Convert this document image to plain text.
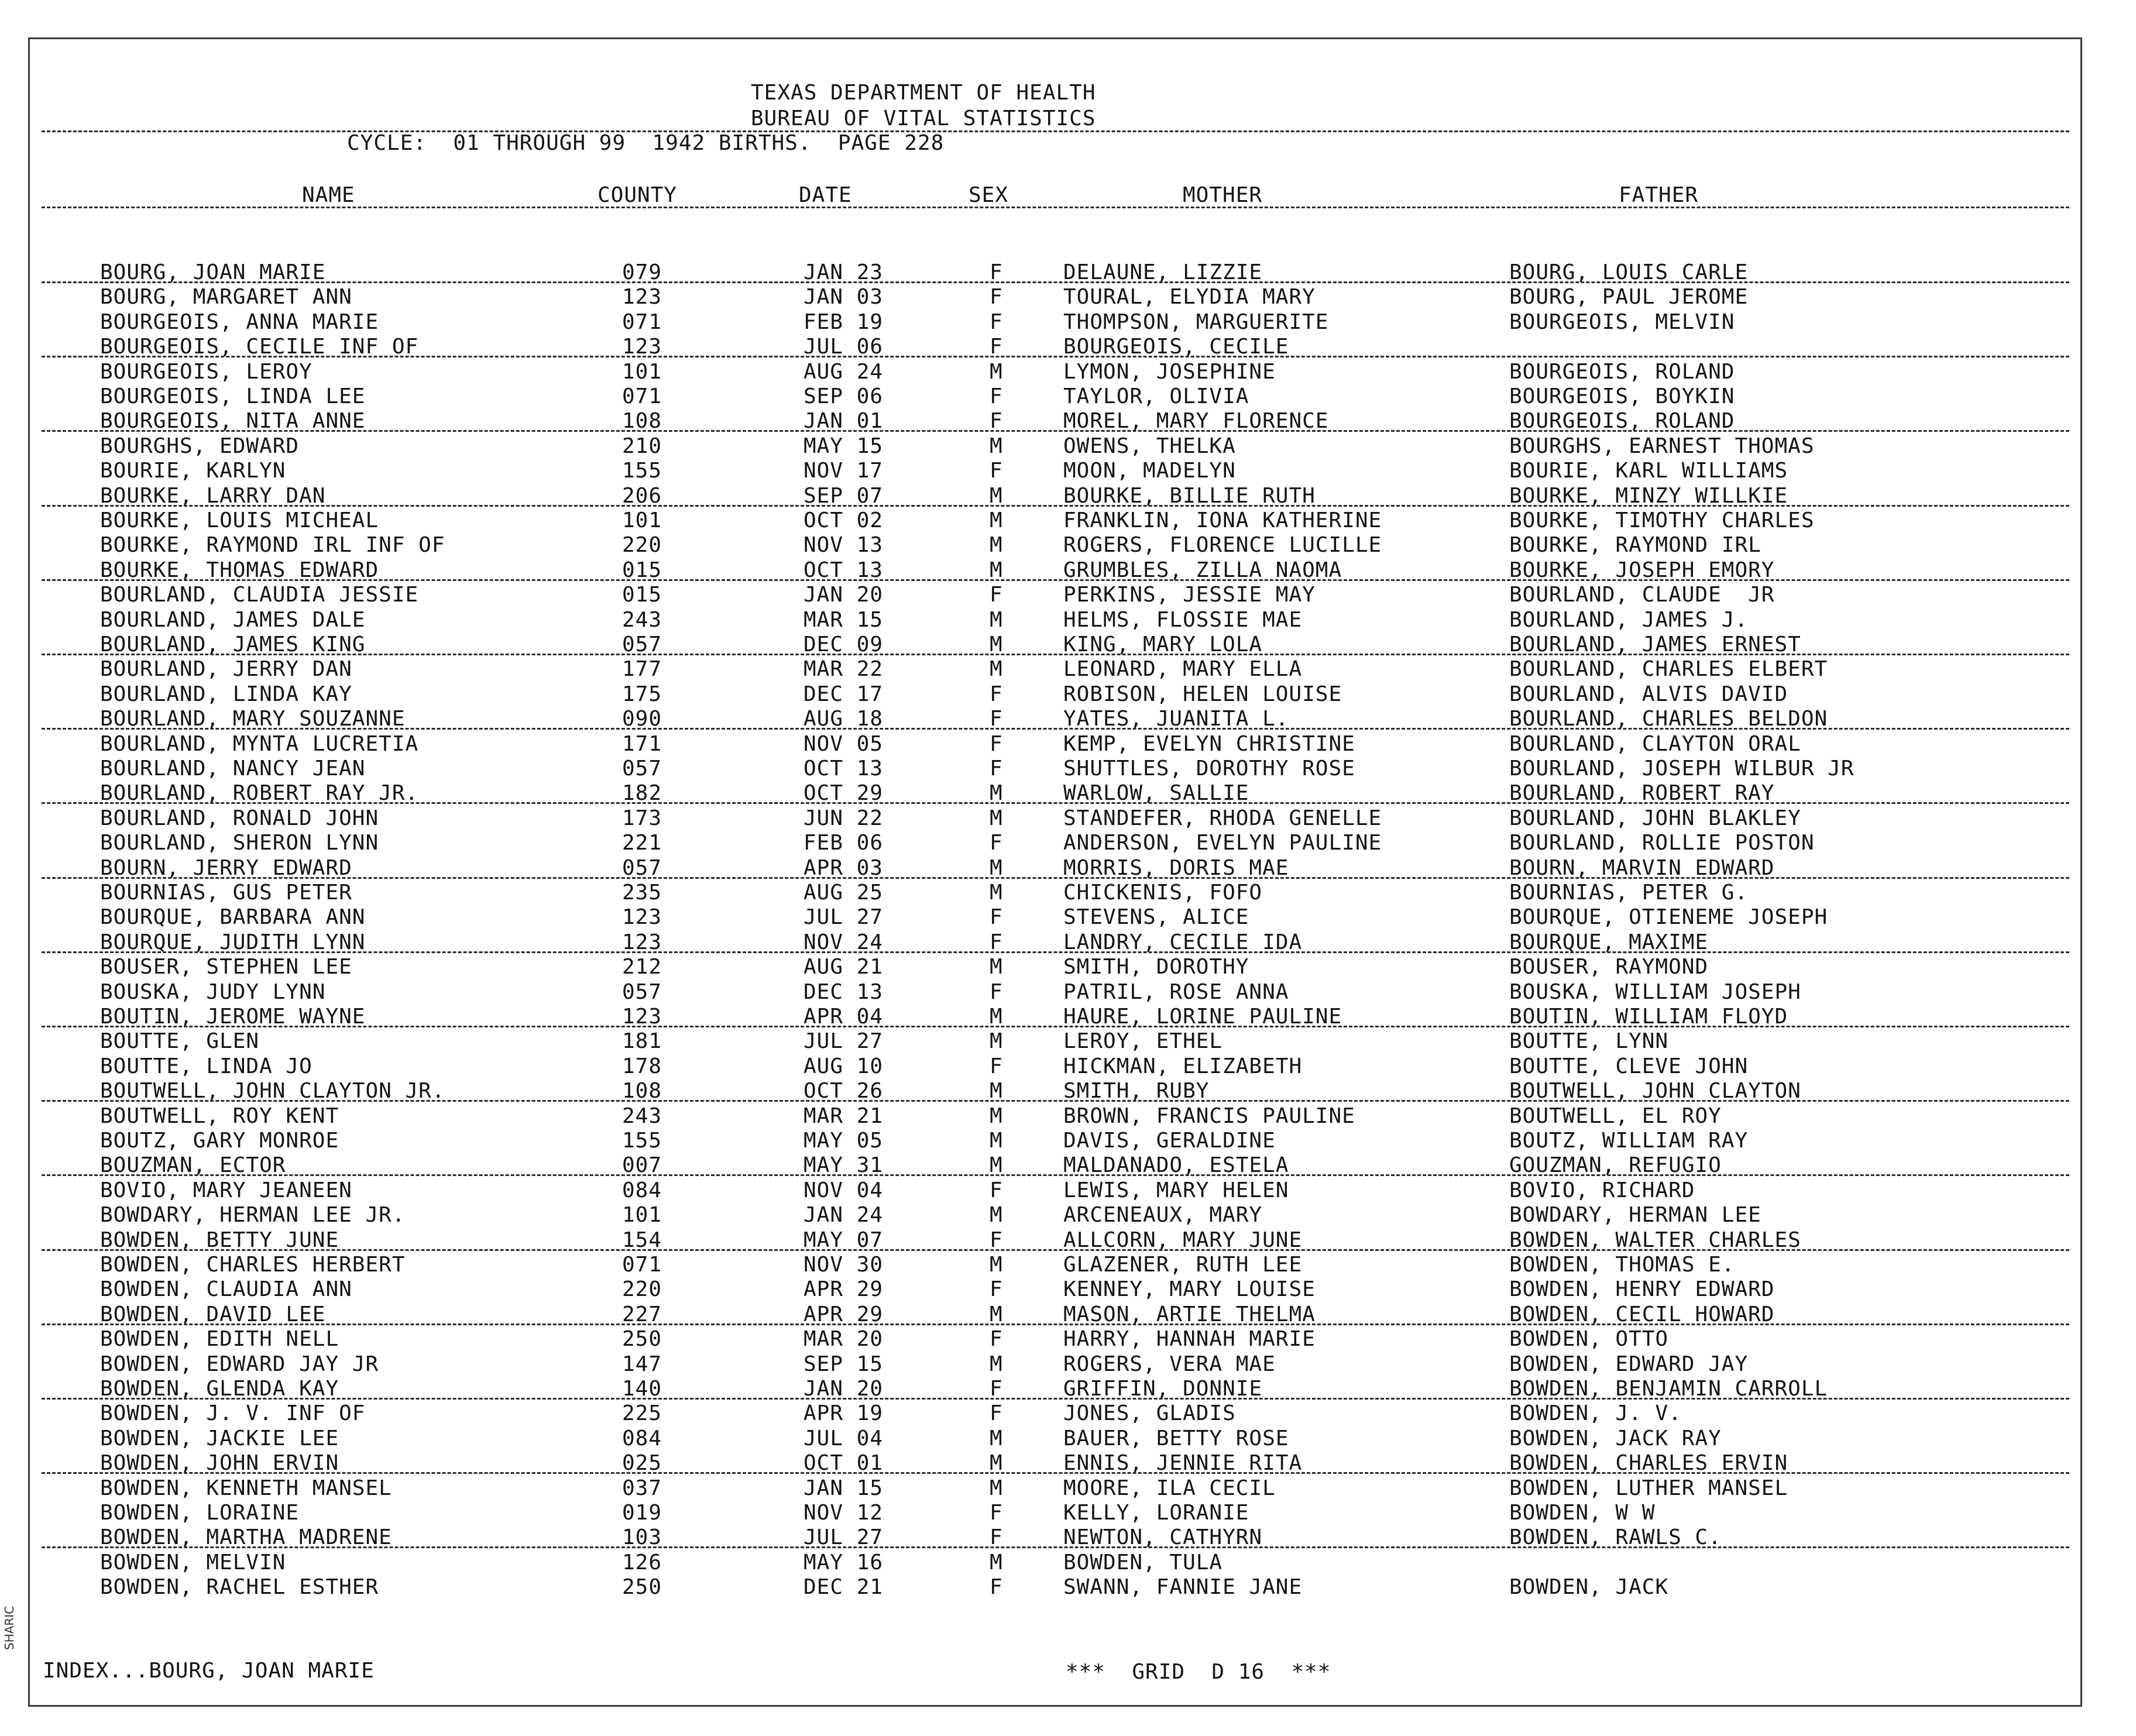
TEXAS DEPARTMENT OF HEALTH
BUREAU OF VITAL STATISTICS
CYCLE:  01 THROUGH 99  1942 BIRTHS.  PAGE 228
NAME	COUNTY	DATE	SEX	MOTHER	FATHER
BOURG, JOAN MARIE	079	JAN 23	F	DELAUNE, LIZZIE	BOURG, LOUIS CARLE
BOURG, MARGARET ANN	123	JAN 03	F	TOURAL, ELYDIA MARY	BOURG, PAUL JEROME
BOURGEOIS, ANNA MARIE	071	FEB 19	F	THOMPSON, MARGUERITE	BOURGEOIS, MELVIN
BOURGEOIS, CECILE INF OF	123	JUL 06	F	BOURGEOIS, CECILE
BOURGEOIS, LEROY	101	AUG 24	M	LYMON, JOSEPHINE	BOURGEOIS, ROLAND
BOURGEOIS, LINDA LEE	071	SEP 06	F	TAYLOR, OLIVIA	BOURGEOIS, BOYKIN
BOURGEOIS, NITA ANNE	108	JAN 01	F	MOREL, MARY FLORENCE	BOURGEOIS, ROLAND
BOURGHS, EDWARD	210	MAY 15	M	OWENS, THELKA	BOURGHS, EARNEST THOMAS
BOURIE, KARLYN	155	NOV 17	F	MOON, MADELYN	BOURIE, KARL WILLIAMS
BOURKE, LARRY DAN	206	SEP 07	M	BOURKE, BILLIE RUTH	BOURKE, MINZY WILLKIE
BOURKE, LOUIS MICHEAL	101	OCT 02	M	FRANKLIN, IONA KATHERINE	BOURKE, TIMOTHY CHARLES
BOURKE, RAYMOND IRL INF OF	220	NOV 13	M	ROGERS, FLORENCE LUCILLE	BOURKE, RAYMOND IRL
BOURKE, THOMAS EDWARD	015	OCT 13	M	GRUMBLES, ZILLA NAOMA	BOURKE, JOSEPH EMORY
BOURLAND, CLAUDIA JESSIE	015	JAN 20	F	PERKINS, JESSIE MAY	BOURLAND, CLAUDE  JR
BOURLAND, JAMES DALE	243	MAR 15	M	HELMS, FLOSSIE MAE	BOURLAND, JAMES J.
BOURLAND, JAMES KING	057	DEC 09	M	KING, MARY LOLA	BOURLAND, JAMES ERNEST
BOURLAND, JERRY DAN	177	MAR 22	M	LEONARD, MARY ELLA	BOURLAND, CHARLES ELBERT
BOURLAND, LINDA KAY	175	DEC 17	F	ROBISON, HELEN LOUISE	BOURLAND, ALVIS DAVID
BOURLAND, MARY SOUZANNE	090	AUG 18	F	YATES, JUANITA L.	BOURLAND, CHARLES BELDON
BOURLAND, MYNTA LUCRETIA	171	NOV 05	F	KEMP, EVELYN CHRISTINE	BOURLAND, CLAYTON ORAL
BOURLAND, NANCY JEAN	057	OCT 13	F	SHUTTLES, DOROTHY ROSE	BOURLAND, JOSEPH WILBUR JR
BOURLAND, ROBERT RAY JR.	182	OCT 29	M	WARLOW, SALLIE	BOURLAND, ROBERT RAY
BOURLAND, RONALD JOHN	173	JUN 22	M	STANDEFER, RHODA GENELLE	BOURLAND, JOHN BLAKLEY
BOURLAND, SHERON LYNN	221	FEB 06	F	ANDERSON, EVELYN PAULINE	BOURLAND, ROLLIE POSTON
BOURN, JERRY EDWARD	057	APR 03	M	MORRIS, DORIS MAE	BOURN, MARVIN EDWARD
BOURNIAS, GUS PETER	235	AUG 25	M	CHICKENIS, FOFO	BOURNIAS, PETER G.
BOURQUE, BARBARA ANN	123	JUL 27	F	STEVENS, ALICE	BOURQUE, OTIENEME JOSEPH
BOURQUE, JUDITH LYNN	123	NOV 24	F	LANDRY, CECILE IDA	BOURQUE, MAXIME
BOUSER, STEPHEN LEE	212	AUG 21	M	SMITH, DOROTHY	BOUSER, RAYMOND
BOUSKA, JUDY LYNN	057	DEC 13	F	PATRIL, ROSE ANNA	BOUSKA, WILLIAM JOSEPH
BOUTIN, JEROME WAYNE	123	APR 04	M	HAURE, LORINE PAULINE	BOUTIN, WILLIAM FLOYD
BOUTTE, GLEN	181	JUL 27	M	LEROY, ETHEL	BOUTTE, LYNN
BOUTTE, LINDA JO	178	AUG 10	F	HICKMAN, ELIZABETH	BOUTTE, CLEVE JOHN
BOUTWELL, JOHN CLAYTON JR.	108	OCT 26	M	SMITH, RUBY	BOUTWELL, JOHN CLAYTON
BOUTWELL, ROY KENT	243	MAR 21	M	BROWN, FRANCIS PAULINE	BOUTWELL, EL ROY
BOUTZ, GARY MONROE	155	MAY 05	M	DAVIS, GERALDINE	BOUTZ, WILLIAM RAY
BOUZMAN, ECTOR	007	MAY 31	M	MALDANADO, ESTELA	GOUZMAN, REFUGIO
BOVIO, MARY JEANEEN	084	NOV 04	F	LEWIS, MARY HELEN	BOVIO, RICHARD
BOWDARY, HERMAN LEE JR.	101	JAN 24	M	ARCENEAUX, MARY	BOWDARY, HERMAN LEE
BOWDEN, BETTY JUNE	154	MAY 07	F	ALLCORN, MARY JUNE	BOWDEN, WALTER CHARLES
BOWDEN, CHARLES HERBERT	071	NOV 30	M	GLAZENER, RUTH LEE	BOWDEN, THOMAS E.
BOWDEN, CLAUDIA ANN	220	APR 29	F	KENNEY, MARY LOUISE	BOWDEN, HENRY EDWARD
BOWDEN, DAVID LEE	227	APR 29	M	MASON, ARTIE THELMA	BOWDEN, CECIL HOWARD
BOWDEN, EDITH NELL	250	MAR 20	F	HARRY, HANNAH MARIE	BOWDEN, OTTO
BOWDEN, EDWARD JAY JR	147	SEP 15	M	ROGERS, VERA MAE	BOWDEN, EDWARD JAY
BOWDEN, GLENDA KAY	140	JAN 20	F	GRIFFIN, DONNIE	BOWDEN, BENJAMIN CARROLL
BOWDEN, J. V. INF OF	225	APR 19	F	JONES, GLADIS	BOWDEN, J. V.
BOWDEN, JACKIE LEE	084	JUL 04	M	BAUER, BETTY ROSE	BOWDEN, JACK RAY
BOWDEN, JOHN ERVIN	025	OCT 01	M	ENNIS, JENNIE RITA	BOWDEN, CHARLES ERVIN
BOWDEN, KENNETH MANSEL	037	JAN 15	M	MOORE, ILA CECIL	BOWDEN, LUTHER MANSEL
BOWDEN, LORAINE	019	NOV 12	F	KELLY, LORANIE	BOWDEN, W W
BOWDEN, MARTHA MADRENE	103	JUL 27	F	NEWTON, CATHYRN	BOWDEN, RAWLS C.
BOWDEN, MELVIN	126	MAY 16	M	BOWDEN, TULA
BOWDEN, RACHEL ESTHER	250	DEC 21	F	SWANN, FANNIE JANE	BOWDEN, JACK
INDEX...BOURG, JOAN MARIE	***  GRID  D 16  ***
SHARIC
